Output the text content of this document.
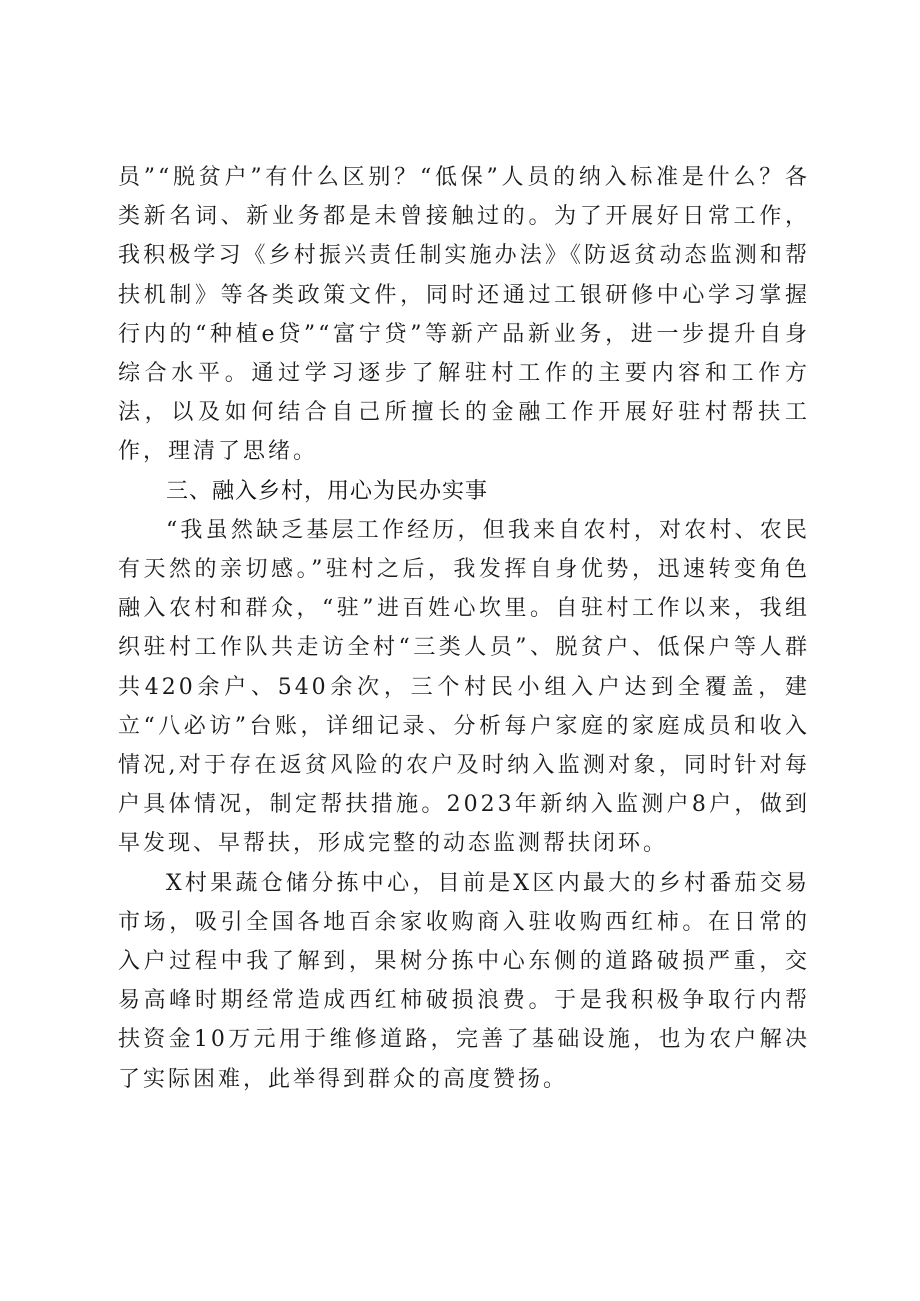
员”“脱贫户”有什么区别？“低保”人员的纳入标准是什么？各类新名词、新业务都是未曾接触过的。为了开展好日常工作，我积极学习《乡村振兴责任制实施办法》《防返贫动态监测和帮扶机制》等各类政策文件，同时还通过工银研修中心学习掌握行内的“种植e贷”“富宁贷”等新产品新业务，进一步提升自身综合水平。通过学习逐步了解驻村工作的主要内容和工作方法，以及如何结合自己所擅长的金融工作开展好驻村帮扶工作，理清了思绪。

三、融入乡村，用心为民办实事

“我虽然缺乏基层工作经历，但我来自农村，对农村、农民有天然的亲切感。”驻村之后，我发挥自身优势，迅速转变角色融入农村和群众，“驻”进百姓心坎里。自驻村工作以来，我组织驻村工作队共走访全村“三类人员”、脱贫户、低保户等人群共420余户、540余次，三个村民小组入户达到全覆盖，建立“八必访”台账，详细记录、分析每户家庭的家庭成员和收入情况,对于存在返贫风险的农户及时纳入监测对象，同时针对每户具体情况，制定帮扶措施。2023年新纳入监测户8户，做到早发现、早帮扶，形成完整的动态监测帮扶闭环。

X村果蔬仓储分拣中心，目前是X区内最大的乡村番茄交易市场，吸引全国各地百余家收购商入驻收购西红柿。在日常的入户过程中我了解到，果树分拣中心东侧的道路破损严重，交易高峰时期经常造成西红柿破损浪费。于是我积极争取行内帮扶资金10万元用于维修道路，完善了基础设施，也为农户解决了实际困难，此举得到群众的高度赞扬。
